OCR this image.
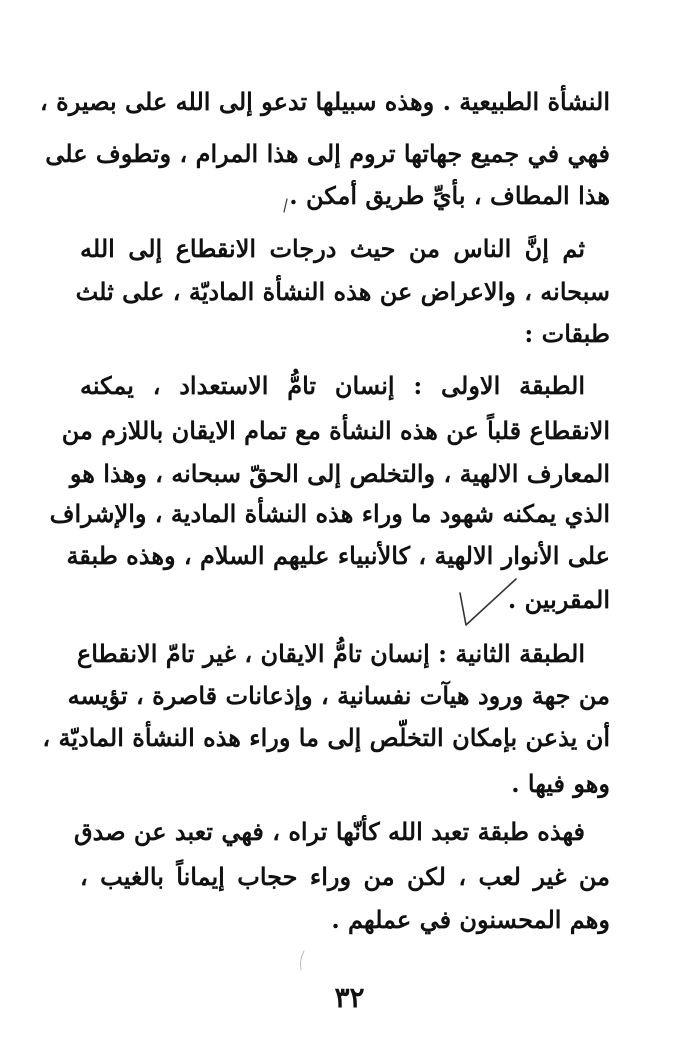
النشأة الطبيعية . وهذه سبيلها تدعو إلى الله على بصيرة ،
فهي في جميع جهاتها تروم إلى هذا المرام ، وتطوف على
هذا المطاف ، بأيِّ طريق أمكن .
ثم إنَّ الناس من حيث درجات الانقطاع إلى الله
سبحانه ، والاعراض عن هذه النشأة الماديّة ، على ثلث
طبقات :
الطبقة الاولى : إنسان تامُّ الاستعداد ، يمكنه
الانقطاع قلباً عن هذه النشأة مع تمام الايقان باللازم من
المعارف الالهية ، والتخلص إلى الحقّ سبحانه ، وهذا هو
الذي يمكنه شهود ما وراء هذه النشأة المادية ، والإشراف
على الأنوار الالهية ، كالأنبياء عليهم السلام ، وهذه طبقة
المقربين .
الطبقة الثانية : إنسان تامُّ الايقان ، غير تامّ الانقطاع
من جهة ورود هيآت نفسانية ، وإذعانات قاصرة ، تؤيسه
أن يذعن بإمكان التخلّص إلى ما وراء هذه النشأة الماديّة ،
وهو فيها .
فهذه طبقة تعبد الله كأنّها تراه ، فهي تعبد عن صدق
من غير لعب ، لكن من وراء حجاب إيماناً بالغيب ،
وهم المحسنون في عملهم .
٣٢
